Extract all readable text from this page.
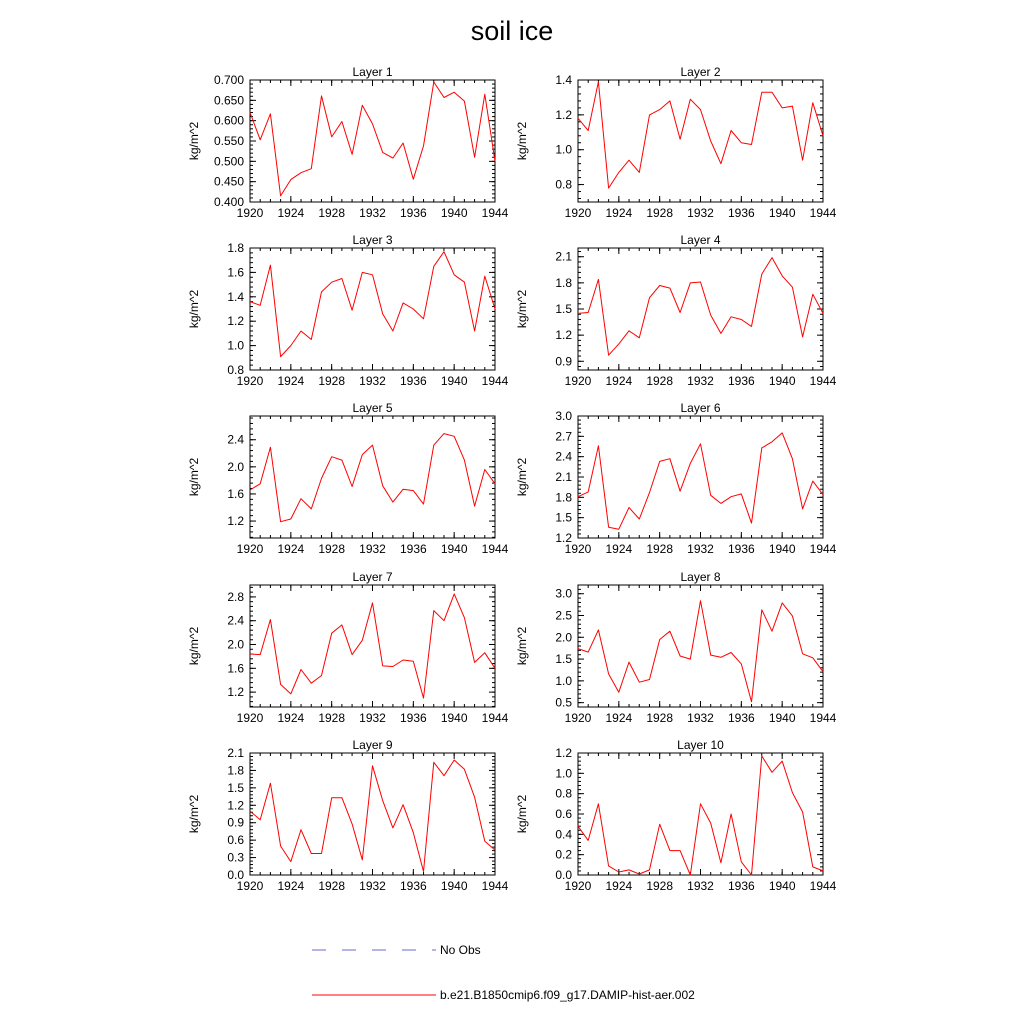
soil ice
Layer 1
kg/m^2
1920 1924 1928 1932 1936 1940 1944
0.400
0.450
0.500
0.550
0.600
0.650
0.700
Layer 2
kg/m^2
1920 1924 1928 1932 1936 1940 1944
0.8
1.0
1.2
1.4
Layer 3
kg/m^2
1920 1924 1928 1932 1936 1940 1944
0.8
1.0
1.2
1.4
1.6
1.8
Layer 4
kg/m^2
1920 1924 1928 1932 1936 1940 1944
0.9
1.2
1.5
1.8
2.1
Layer 5
kg/m^2
1920 1924 1928 1932 1936 1940 1944
1.2
1.6
2.0
2.4
Layer 6
kg/m^2
1920 1924 1928 1932 1936 1940 1944
1.2
1.5
1.8
2.1
2.4
2.7
3.0
Layer 7
kg/m^2
1920 1924 1928 1932 1936 1940 1944
1.2
1.6
2.0
2.4
2.8
Layer 8
kg/m^2
1920 1924 1928 1932 1936 1940 1944
0.5
1.0
1.5
2.0
2.5
3.0
Layer 9
kg/m^2
1920 1924 1928 1932 1936 1940 1944
0.0
0.3
0.6
0.9
1.2
1.5
1.8
2.1
Layer 10
kg/m^2
1920 1924 1928 1932 1936 1940 1944
0.0
0.2
0.4
0.6
0.8
1.0
1.2
No Obs
b.e21.B1850cmip6.f09_g17.DAMIP-hist-aer.002
